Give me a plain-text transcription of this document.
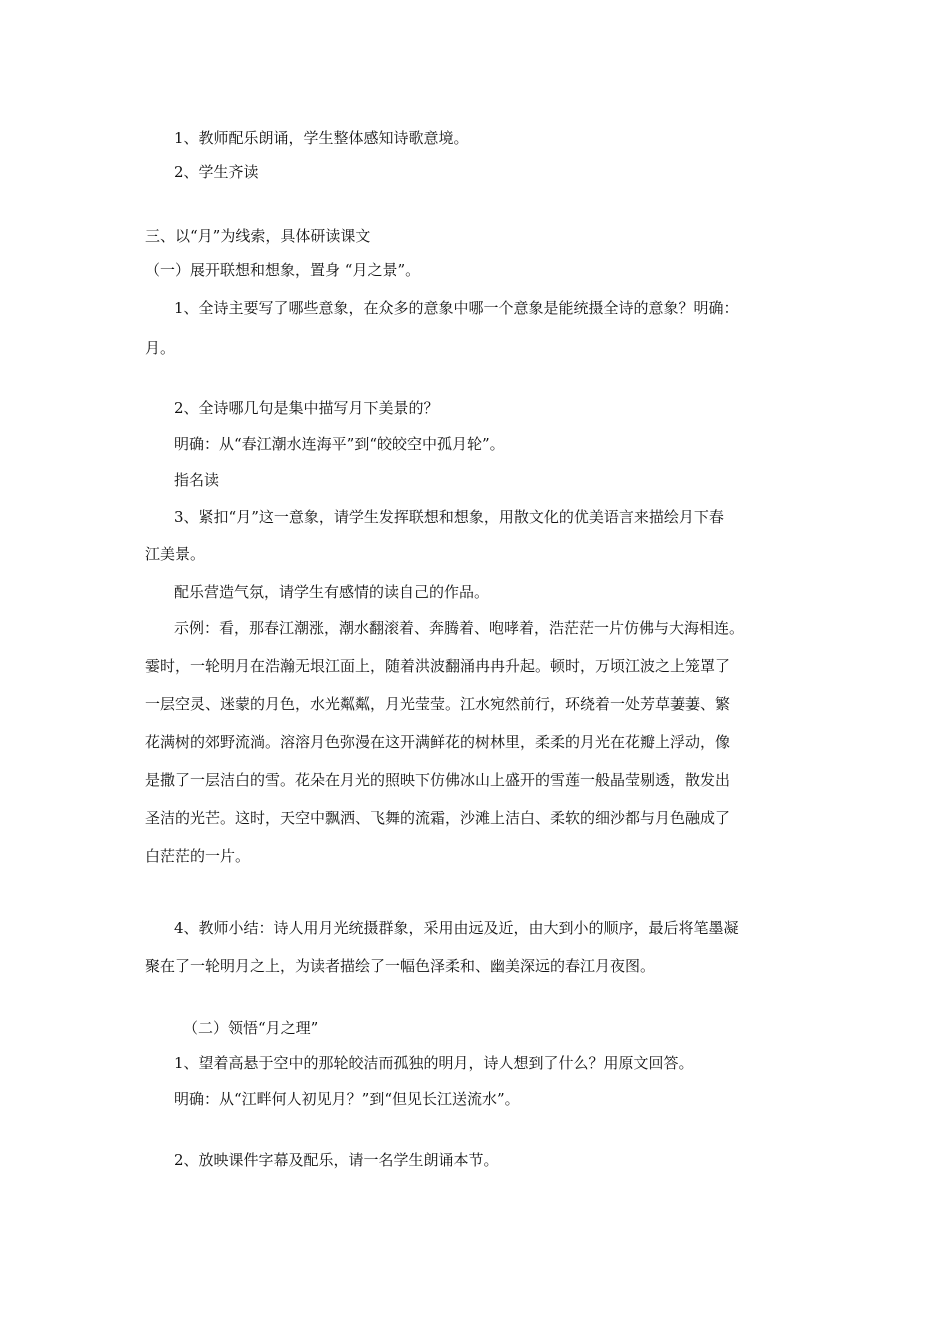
1、教师配乐朗诵，学生整体感知诗歌意境。
2、学生齐读
三、以“月”为线索，具体研读课文
（一）展开联想和想象，置身 “月之景”。
1、全诗主要写了哪些意象，在众多的意象中哪一个意象是能统摄全诗的意象？明确：
月。
2、全诗哪几句是集中描写月下美景的？
明确：从“春江潮水连海平”到“皎皎空中孤月轮”。
指名读
3、紧扣“月”这一意象，请学生发挥联想和想象，用散文化的优美语言来描绘月下春
江美景。
配乐营造气氛，请学生有感情的读自己的作品。
示例：看，那春江潮涨，潮水翻滚着、奔腾着、咆哮着，浩茫茫一片仿佛与大海相连。
霎时，一轮明月在浩瀚无垠江面上，随着洪波翻涌冉冉升起。顿时，万顷江波之上笼罩了
一层空灵、迷蒙的月色，水光粼粼，月光莹莹。江水宛然前行，环绕着一处芳草萋萋、繁
花满树的郊野流淌。溶溶月色弥漫在这开满鲜花的树林里，柔柔的月光在花瓣上浮动，像
是撒了一层洁白的雪。花朵在月光的照映下仿佛冰山上盛开的雪莲一般晶莹剔透，散发出
圣洁的光芒。这时，天空中飘洒、飞舞的流霜，沙滩上洁白、柔软的细沙都与月色融成了
白茫茫的一片。
4、教师小结：诗人用月光统摄群象，采用由远及近，由大到小的顺序，最后将笔墨凝
聚在了一轮明月之上，为读者描绘了一幅色泽柔和、幽美深远的春江月夜图。
（二）领悟“月之理”
1、望着高悬于空中的那轮皎洁而孤独的明月，诗人想到了什么？用原文回答。
明确：从“江畔何人初见月？”到“但见长江送流水”。
2、放映课件字幕及配乐，请一名学生朗诵本节。
